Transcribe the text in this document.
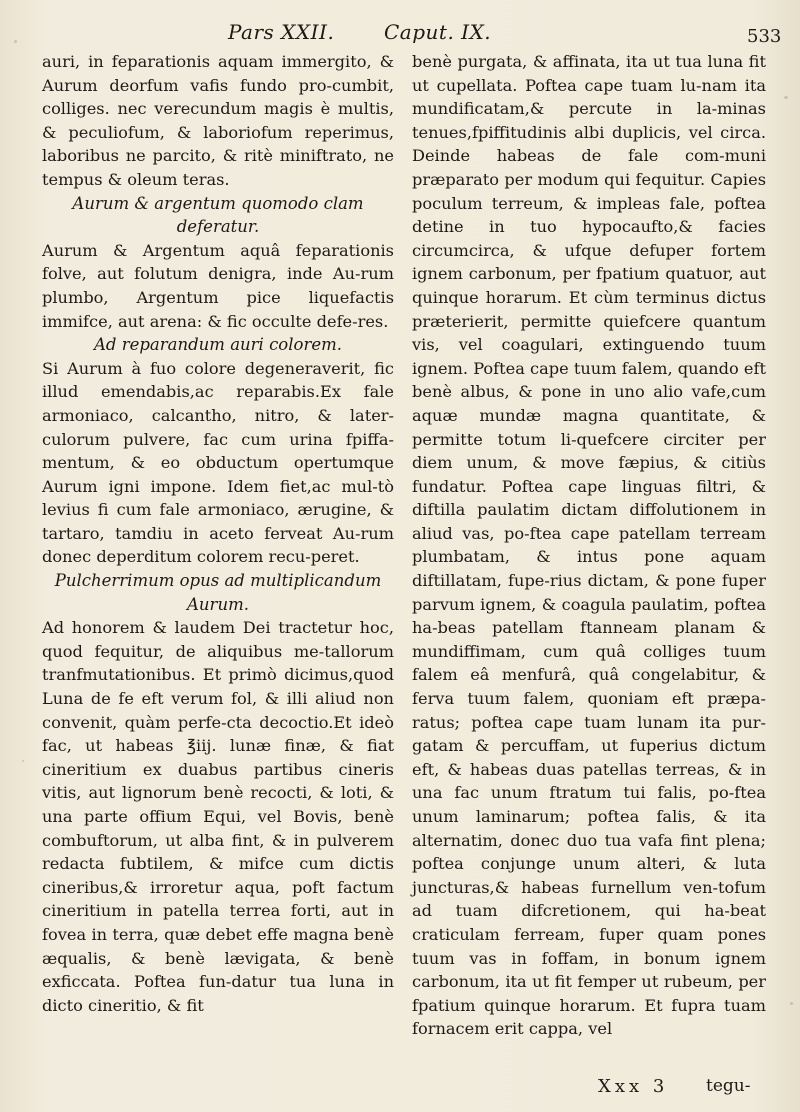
Pars XXII. Caput. IX.	533

auri, in feparationis aquam immergito, & Aurum deorfum vafis fundo pro-cumbit, colliges. nec verecundum magis è multis, & peculiofum, & laboriofum reperimus, laboribus ne parcito, & ritè miniftrato, ne tempus & oleum teras.

Aurum & argentum quomodo clam deferatur.

Aurum & Argentum aquâ feparationis folve, aut folutum denigra, inde Au-rum plumbo, Argentum pice liquefactis immifce, aut arena: & fic occulte defe-res.

Ad reparandum auri colorem.

Si Aurum à fuo colore degeneraverit, fic illud emendabis,ac reparabis.Ex fale armoniaco, calcantho, nitro, & later-culorum pulvere, fac cum urina fpiffa-mentum, & eo obductum opertumque Aurum igni impone. Idem fiet,ac mul-tò levius fi cum fale armoniaco, ærugine, & tartaro, tamdiu in aceto ferveat Au-rum donec deperditum colorem recu-peret.

Pulcherrimum opus ad multiplicandum Aurum.

Ad honorem & laudem Dei tractetur hoc, quod fequitur, de aliquibus me-tallorum tranfmutationibus. Et primò dicimus,quod Luna de fe eft verum fol, & illi aliud non convenit, quàm perfe-cta decoctio.Et ideò fac, ut habeas ℥iij. lunæ finæ, & fiat cineritium ex duabus partibus cineris vitis, aut lignorum benè recocti, & loti, & una parte offium Equi, vel Bovis, benè combuftorum, ut alba fint, & in pulverem redacta fubtilem, & mifce cum dictis cineribus,& irroretur aqua, poft factum cineritium in patella terrea forti, aut in fovea in terra, quæ debet effe magna benè æqualis, & benè lævigata, & benè exficcata. Poftea fun-datur tua luna in dicto cineritio, & fit

benè purgata, & affinata, ita ut tua luna fit ut cupellata. Poftea cape tuam lu-nam ita mundificatam,& percute in la-minas tenues,fpiffitudinis albi duplicis, vel circa. Deinde habeas de fale com-muni præparato per modum qui fequitur. Capies poculum terreum, & impleas fale, poftea detine in tuo hypocaufto,& facies circumcirca, & ufque defuper fortem ignem carbonum, per fpatium quatuor, aut quinque horarum. Et cùm terminus dictus præterierit, permitte quiefcere quantum vis, vel coagulari, extinguendo tuum ignem. Poftea cape tuum falem, quando eft benè albus, & pone in uno alio vafe,cum aquæ mundæ magna quantitate, & permitte totum li-quefcere circiter per diem unum, & move fæpius, & citiùs fundatur. Poftea cape linguas filtri, & diftilla paulatim dictam diffolutionem in aliud vas, po-ftea cape patellam terream plumbatam, & intus pone aquam diftillatam, fupe-rius dictam, & pone fuper parvum ignem, & coagula paulatim, poftea ha-beas patellam ftanneam planam & mundiffimam, cum quâ colliges tuum falem eâ menfurâ, quâ congelabitur, & ferva tuum falem, quoniam eft præpa-ratus; poftea cape tuam lunam ita pur-gatam & percuffam, ut fuperius dictum eft, & habeas duas patellas terreas, & in una fac unum ftratum tui falis, po-ftea unum laminarum; poftea falis, & ita alternatim, donec duo tua vafa fint plena; poftea conjunge unum alteri, & luta juncturas,& habeas furnellum ven-tofum ad tuam difcretionem, qui ha-beat craticulam ferream, fuper quam pones tuum vas in foffam, in bonum ignem carbonum, ita ut fit femper ut rubeum, per fpatium quinque horarum. Et fupra tuam fornacem erit cappa, vel

Xxx 3 tegu-
